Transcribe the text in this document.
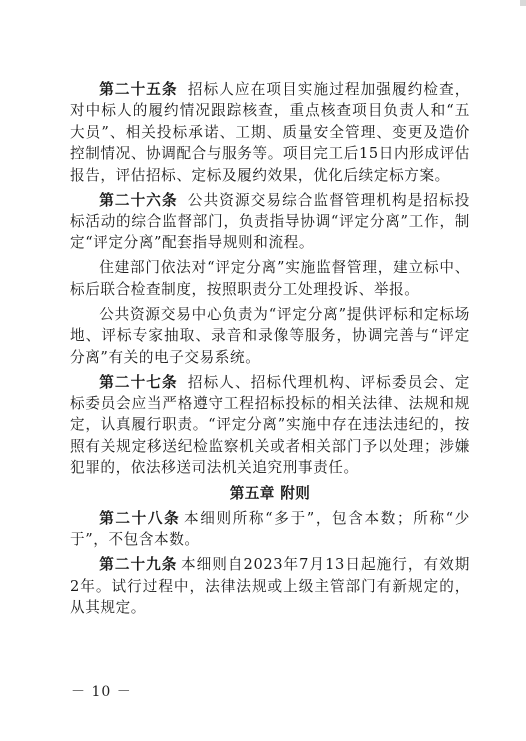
第二十五条 招标人应在项目实施过程加强履约检查，对中标人的履约情况跟踪核查，重点核查项目负责人和“五大员”、相关投标承诺、工期、质量安全管理、变更及造价控制情况、协调配合与服务等。项目完工后15日内形成评估报告，评估招标、定标及履约效果，优化后续定标方案。

第二十六条 公共资源交易综合监督管理机构是招标投标活动的综合监督部门，负责指导协调“评定分离”工作，制定“评定分离”配套指导规则和流程。

住建部门依法对“评定分离”实施监督管理，建立标中、标后联合检查制度，按照职责分工处理投诉、举报。

公共资源交易中心负责为“评定分离”提供评标和定标场地、评标专家抽取、录音和录像等服务，协调完善与“评定分离”有关的电子交易系统。

第二十七条 招标人、招标代理机构、评标委员会、定标委员会应当严格遵守工程招标投标的相关法律、法规和规定，认真履行职责。“评定分离”实施中存在违法违纪的，按照有关规定移送纪检监察机关或者相关部门予以处理；涉嫌犯罪的，依法移送司法机关追究刑事责任。

第五章 附则

第二十八条 本细则所称“多于”，包含本数；所称“少于”，不包含本数。

第二十九条 本细则自2023年7月13日起施行，有效期2年。试行过程中，法律法规或上级主管部门有新规定的，从其规定。

－ 10 －
